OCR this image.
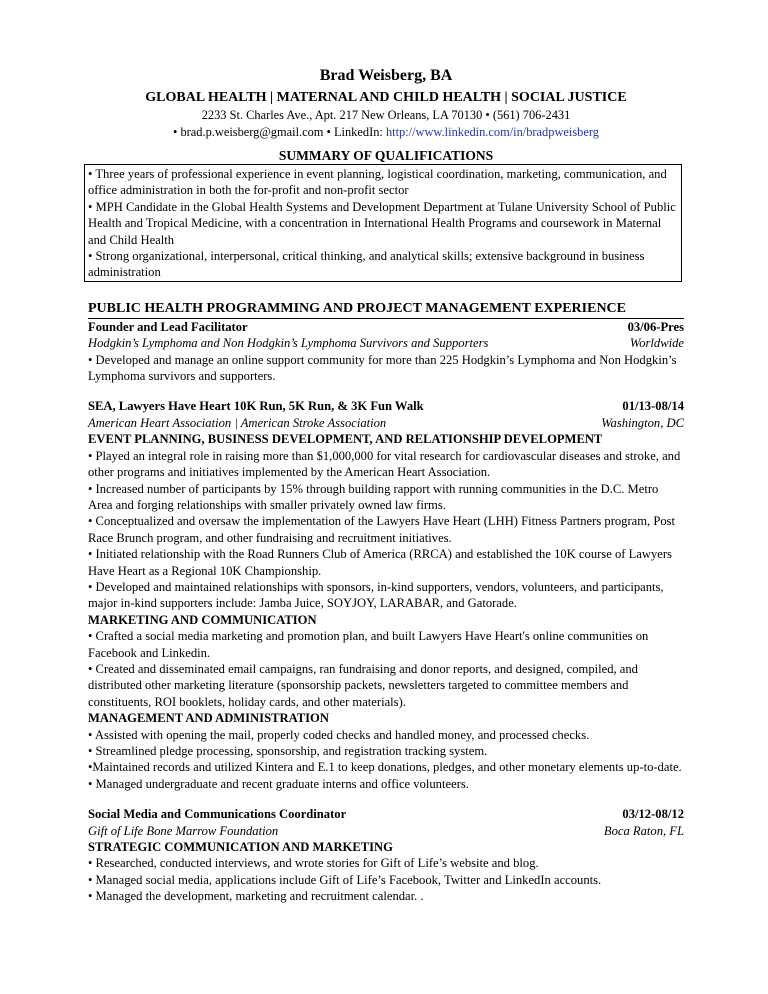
Brad Weisberg, BA
GLOBAL HEALTH | MATERNAL AND CHILD HEALTH | SOCIAL JUSTICE
2233 St. Charles Ave., Apt. 217 New Orleans, LA 70130 • (561) 706-2431
• brad.p.weisberg@gmail.com • LinkedIn: http://www.linkedin.com/in/bradpweisberg
SUMMARY OF QUALIFICATIONS

• Three years of professional experience in event planning, logistical coordination, marketing, communication, and office administration in both the for-profit and non-profit sector

• MPH Candidate in the Global Health Systems and Development Department at Tulane University School of Public Health and Tropical Medicine, with a concentration in International Health Programs and coursework in Maternal and Child Health

• Strong organizational, interpersonal, critical thinking, and analytical skills; extensive background in business administration

PUBLIC HEALTH PROGRAMMING AND PROJECT MANAGEMENT EXPERIENCE
Founder and Lead Facilitator	03/06-Pres
Hodgkin’s Lymphoma and Non Hodgkin’s Lymphoma Survivors and Supporters	Worldwide

• Developed and manage an online support community for more than 225 Hodgkin’s Lymphoma and Non Hodgkin’s Lymphoma survivors and supporters.

SEA, Lawyers Have Heart 10K Run, 5K Run, & 3K Fun Walk	01/13-08/14
American Heart Association | American Stroke Association	Washington, DC
EVENT PLANNING, BUSINESS DEVELOPMENT, AND RELATIONSHIP DEVELOPMENT

• Played an integral role in raising more than $1,000,000 for vital research for cardiovascular diseases and stroke, and other programs and initiatives implemented by the American Heart Association.

• Increased number of participants by 15% through building rapport with running communities in the D.C. Metro Area and forging relationships with smaller privately owned law firms.

• Conceptualized and oversaw the implementation of the Lawyers Have Heart (LHH) Fitness Partners program, Post Race Brunch program, and other fundraising and recruitment initiatives.

• Initiated relationship with the Road Runners Club of America (RRCA) and established the 10K course of Lawyers Have Heart as a Regional 10K Championship.

• Developed and maintained relationships with sponsors, in-kind supporters, vendors, volunteers, and participants, major in-kind supporters include: Jamba Juice, SOYJOY, LARABAR, and Gatorade.

MARKETING AND COMMUNICATION

• Crafted a social media marketing and promotion plan, and built Lawyers Have Heart's online communities on Facebook and Linkedin.

• Created and disseminated email campaigns, ran fundraising and donor reports, and designed, compiled, and distributed other marketing literature (sponsorship packets, newsletters targeted to committee members and constituents, ROI booklets, holiday cards, and other materials).

MANAGEMENT AND ADMINISTRATION

• Assisted with opening the mail, properly coded checks and handled money, and processed checks.

• Streamlined pledge processing, sponsorship, and registration tracking system.

•Maintained records and utilized Kintera and E.1 to keep donations, pledges, and other monetary elements up-to-date.

• Managed undergraduate and recent graduate interns and office volunteers.

Social Media and Communications Coordinator	03/12-08/12
Gift of Life Bone Marrow Foundation	Boca Raton, FL
STRATEGIC COMMUNICATION AND MARKETING

• Researched, conducted interviews, and wrote stories for Gift of Life’s website and blog.

• Managed social media, applications include Gift of Life’s Facebook, Twitter and LinkedIn accounts.

• Managed the development, marketing and recruitment calendar. .
